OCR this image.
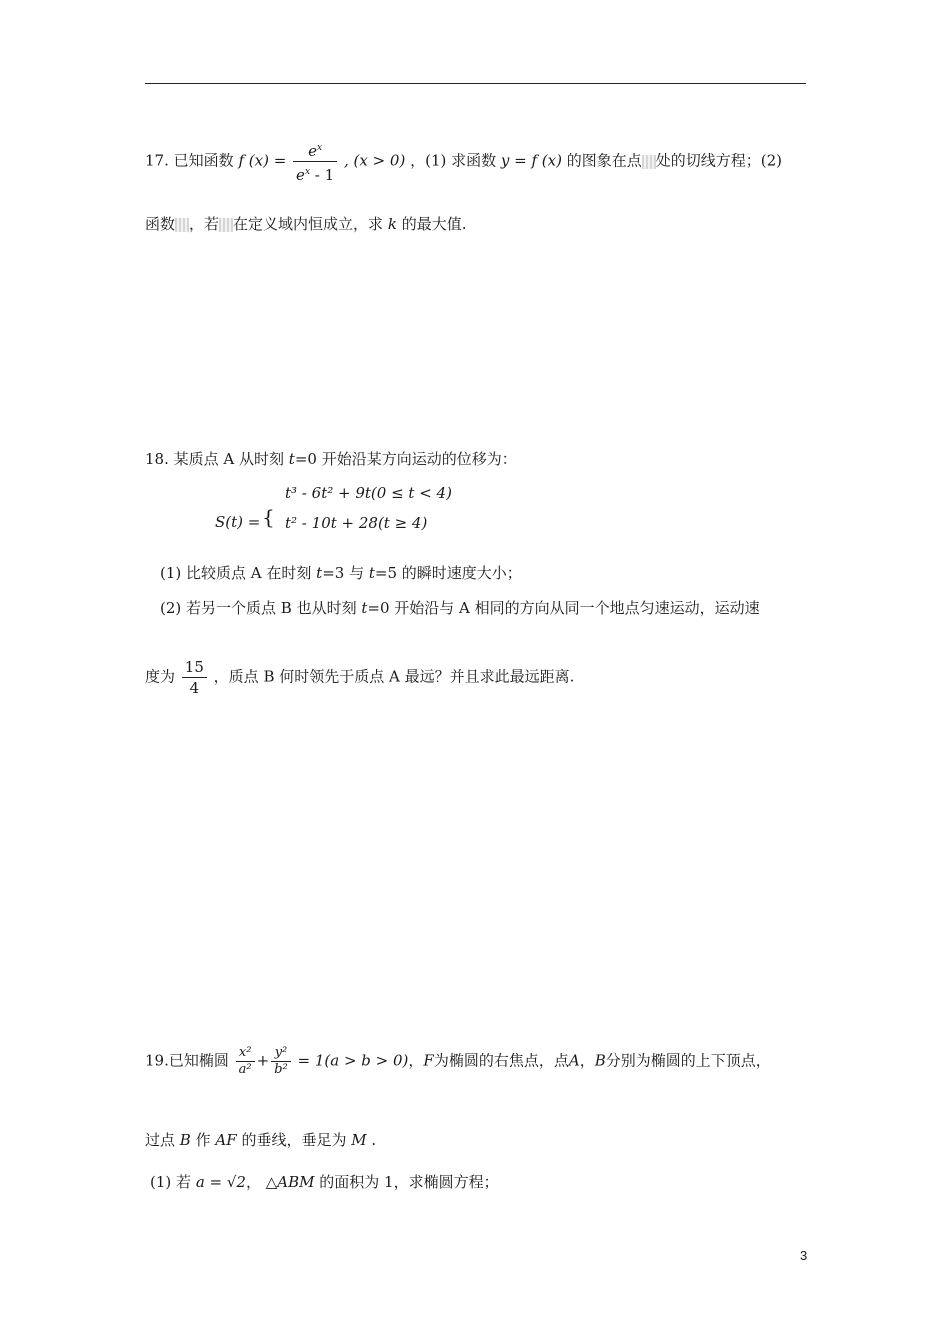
17. 已知函数 f $(x) = \frac{e^x}{e^x - 1}$ , (x > 0) ，(1) 求函数 y = f (x) 的图象在点 处的切线方程；(2)
函数 ，若 在定义域内恒成立，求 k 的最大值.
18. 某质点 A 从时刻 t=0 开始沿某方向运动的位移为：
S(t) = {
t³ - 6t² + 9t(0 ≤ t < 4)
t² - 10t + 28(t ≥ 4)
(1) 比较质点 A 在时刻 t=3 与 t=5 的瞬时速度大小；
(2) 若另一个质点 B 也从时刻 t=0 开始沿与 A 相同的方向从同一个地点匀速运动，运动速
度为 $\frac{15}{4}$ ，质点 B 何时领先于质点 A 最远？并且求此最远距离.
19.已知椭圆 $\frac{\text{x²}}{\text{a²}} + \frac{\text{y²}}{\text{b²}} = 1(a > b > 0)$，F为椭圆的右焦点，点A，B分别为椭圆的上下顶点，
过点 B 作 AF 的垂线，垂足为 M .
(1) 若 a = √2， △ABM 的面积为 1，求椭圆方程；
3
